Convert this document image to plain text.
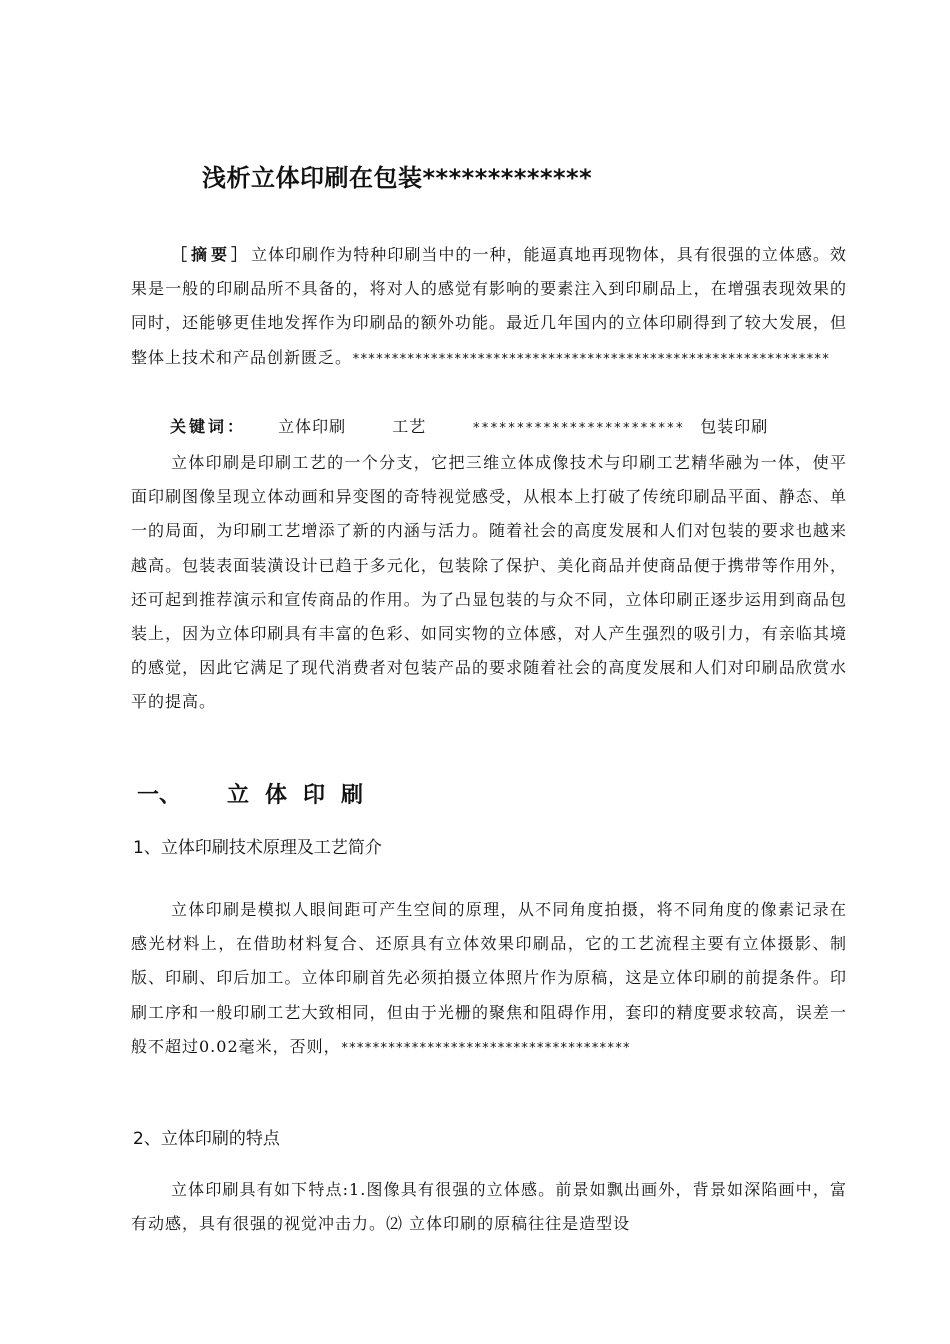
浅析立体印刷在包装*************

［摘要］立体印刷作为特种印刷当中的一种，能逼真地再现物体，具有很强的立体感。效果是一般的印刷品所不具备的，将对人的感觉有影响的要素注入到印刷品上，在增强表现效果的同时，还能够更佳地发挥作为印刷品的额外功能。最近几年国内的立体印刷得到了较大发展，但整体上技术和产品创新匮乏。*************************************************************

关键词： 立体印刷	工艺	************************ 包装印刷

立体印刷是印刷工艺的一个分支，它把三维立体成像技术与印刷工艺精华融为一体，使平面印刷图像呈现立体动画和异变图的奇特视觉感受，从根本上打破了传统印刷品平面、静态、单一的局面，为印刷工艺增添了新的内涵与活力。随着社会的高度发展和人们对包装的要求也越来越高。包装表面装潢设计已趋于多元化，包装除了保护、美化商品并使商品便于携带等作用外，还可起到推荐演示和宣传商品的作用。为了凸显包装的与众不同，立体印刷正逐步运用到商品包装上，因为立体印刷具有丰富的色彩、如同实物的立体感，对人产生强烈的吸引力，有亲临其境的感觉，因此它满足了现代消费者对包装产品的要求随着社会的高度发展和人们对印刷品欣赏水平的提高。

一、 立体印刷
1、立体印刷技术原理及工艺简介

立体印刷是模拟人眼间距可产生空间的原理，从不同角度拍摄，将不同角度的像素记录在感光材料上，在借助材料复合、还原具有立体效果印刷品，它的工艺流程主要有立体摄影、制版、印刷、印后加工。立体印刷首先必须拍摄立体照片作为原稿，这是立体印刷的前提条件。印刷工序和一般印刷工艺大致相同，但由于光栅的聚焦和阻碍作用，套印的精度要求较高，误差一般不超过0.02毫米，否则，*************************************

2、立体印刷的特点

立体印刷具有如下特点:1.图像具有很强的立体感。前景如飘出画外，背景如深陷画中，富有动感，具有很强的视觉冲击力。⑵ 立体印刷的原稿往往是造型设
